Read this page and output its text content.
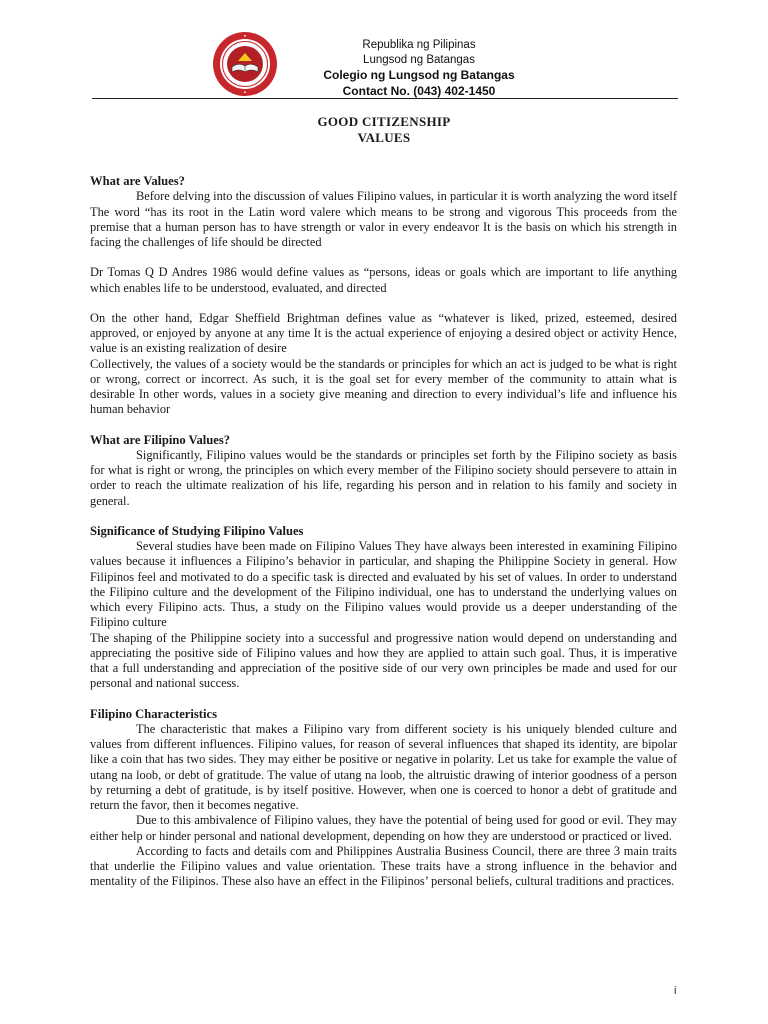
Republika ng Pilipinas
Lungsod ng Batangas
Colegio ng Lungsod ng Batangas
Contact No. (043) 402-1450
GOOD CITIZENSHIP
VALUES
What are Values?

Before delving into the discussion of values Filipino values, in particular it is worth analyzing the word itself The word “has its root in the Latin word valere which means to be strong and vigorous This proceeds from the premise that a human person has to have strength or valor in every endeavor It is the basis on which his strength in facing the challenges of life should be directed

Dr Tomas Q D Andres 1986 would define values as “persons, ideas or goals which are important to life anything which enables life to be understood, evaluated, and directed

On the other hand, Edgar Sheffield Brightman defines value as “whatever is liked, prized, esteemed, desired approved, or enjoyed by anyone at any time It is the actual experience of enjoying a desired object or activity Hence, value is an existing realization of desire

Collectively, the values of a society would be the standards or principles for which an act is judged to be what is right or wrong, correct or incorrect. As such, it is the goal set for every member of the community to attain what is desirable In other words, values in a society give meaning and direction to every individual’s life and influence his human behavior

What are Filipino Values?

Significantly, Filipino values would be the standards or principles set forth by the Filipino society as basis for what is right or wrong, the principles on which every member of the Filipino society should persevere to attain in order to reach the ultimate realization of his life, regarding his person and in relation to his family and society in general.

Significance of Studying Filipino Values

Several studies have been made on Filipino Values They have always been interested in examining Filipino values because it influences a Filipino’s behavior in particular, and shaping the Philippine Society in general. How Filipinos feel and motivated to do a specific task is directed and evaluated by his set of values. In order to understand the Filipino culture and the development of the Filipino individual, one has to understand the underlying values on which every Filipino acts. Thus, a study on the Filipino values would provide us a deeper understanding of the Filipino culture

The shaping of the Philippine society into a successful and progressive nation would depend on understanding and appreciating the positive side of Filipino values and how they are applied to attain such goal. Thus, it is imperative that a full understanding and appreciation of the positive side of our very own principles be made and used for our personal and national success.

Filipino Characteristics

The characteristic that makes a Filipino vary from different society is his uniquely blended culture and values from different influences. Filipino values, for reason of several influences that shaped its identity, are bipolar like a coin that has two sides. They may either be positive or negative in polarity. Let us take for example the value of utang na loob, or debt of gratitude. The value of utang na loob, the altruistic drawing of interior goodness of a person by returning a debt of gratitude, is by itself positive. However, when one is coerced to honor a debt of gratitude and return the favor, then it becomes negative.

Due to this ambivalence of Filipino values, they have the potential of being used for good or evil. They may either help or hinder personal and national development, depending on how they are understood or practiced or lived.

According to facts and details com and Philippines Australia Business Council, there are three 3 main traits that underlie the Filipino values and value orientation. These traits have a strong influence in the behavior and mentality of the Filipinos. These also have an effect in the Filipinos’ personal beliefs, cultural traditions and practices.

i
